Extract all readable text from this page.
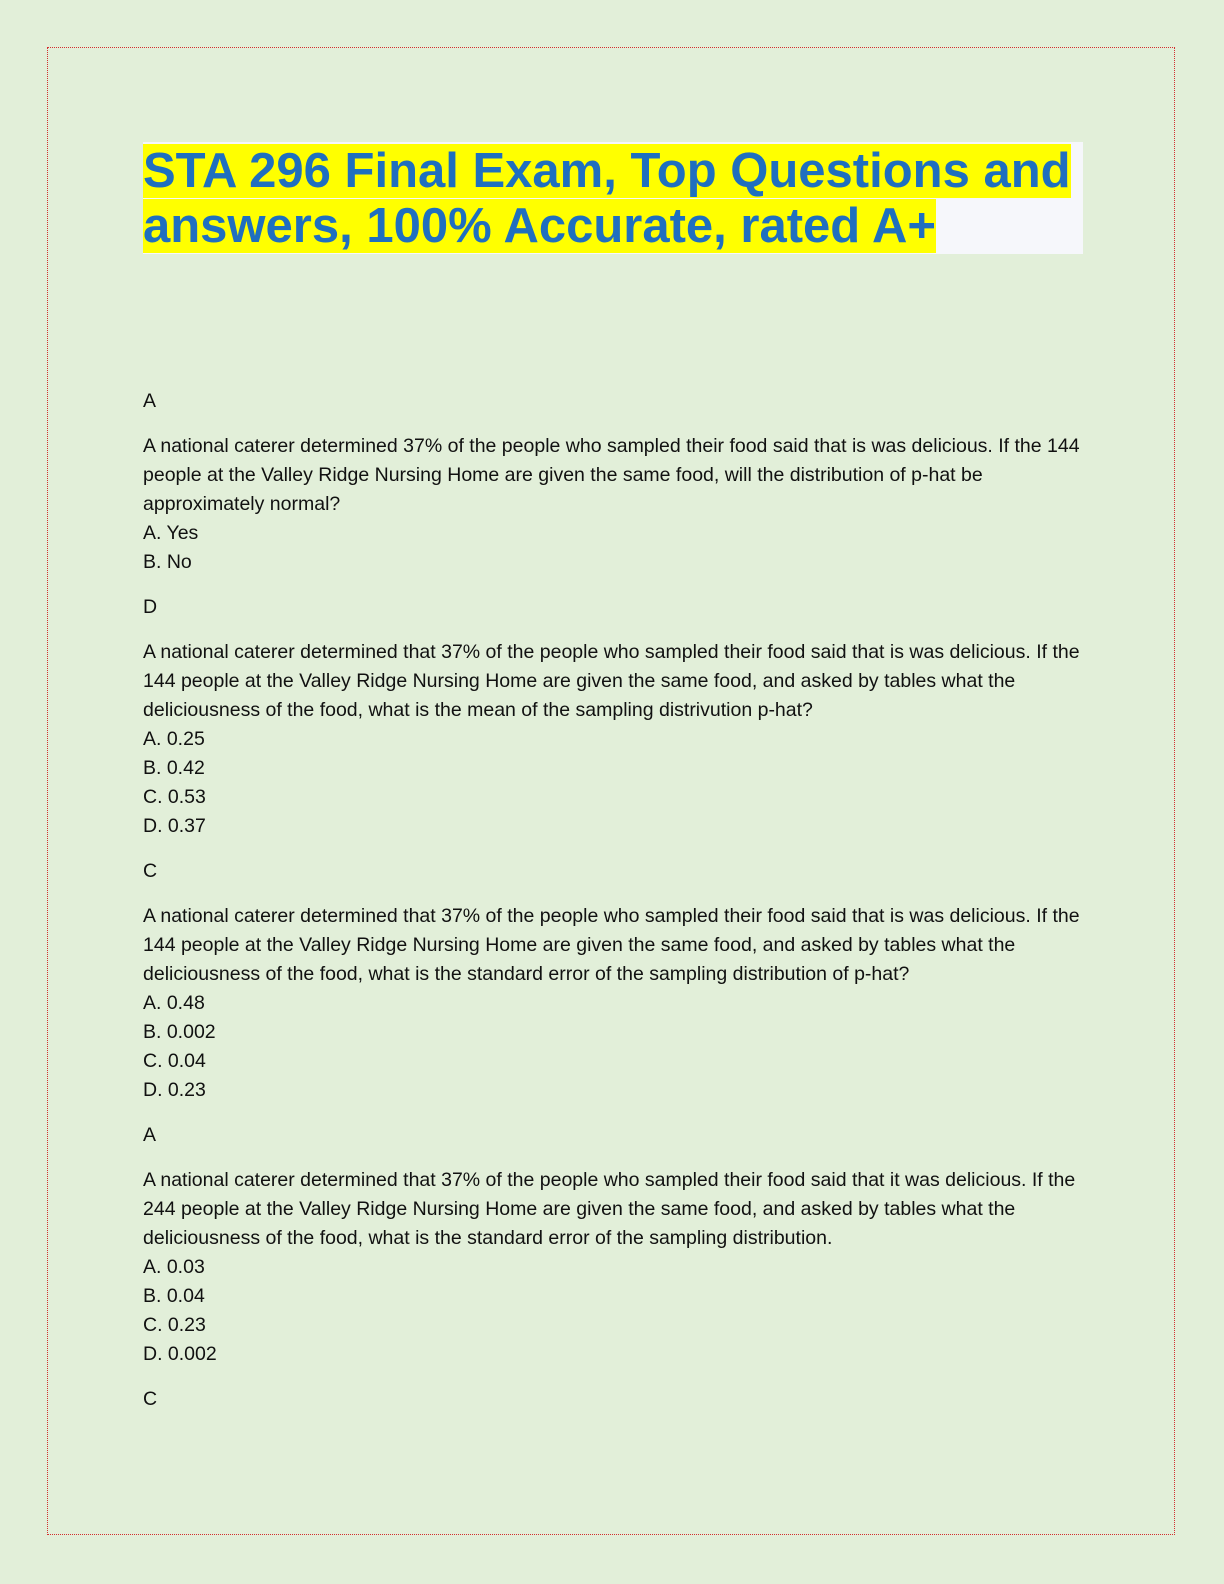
STA 296 Final Exam, Top Questions and
answers, 100% Accurate, rated A+

A

A national caterer determined 37% of the people who sampled their food said that is was delicious. If the 144 people at the Valley Ridge Nursing Home are given the same food, will the distribution of p-hat be approximately normal?

A. Yes

B. No

D

A national caterer determined that 37% of the people who sampled their food said that is was delicious. If the 144 people at the Valley Ridge Nursing Home are given the same food, and asked by tables what the deliciousness of the food, what is the mean of the sampling distrivution p-hat?

A. 0.25

B. 0.42

C. 0.53

D. 0.37

C

A national caterer determined that 37% of the people who sampled their food said that is was delicious. If the 144 people at the Valley Ridge Nursing Home are given the same food, and asked by tables what the deliciousness of the food, what is the standard error of the sampling distribution of p-hat?

A. 0.48

B. 0.002

C. 0.04

D. 0.23

A

A national caterer determined that 37% of the people who sampled their food said that it was delicious. If the 244 people at the Valley Ridge Nursing Home are given the same food, and asked by tables what the deliciousness of the food, what is the standard error of the sampling distribution.

A. 0.03

B. 0.04

C. 0.23

D. 0.002

C
